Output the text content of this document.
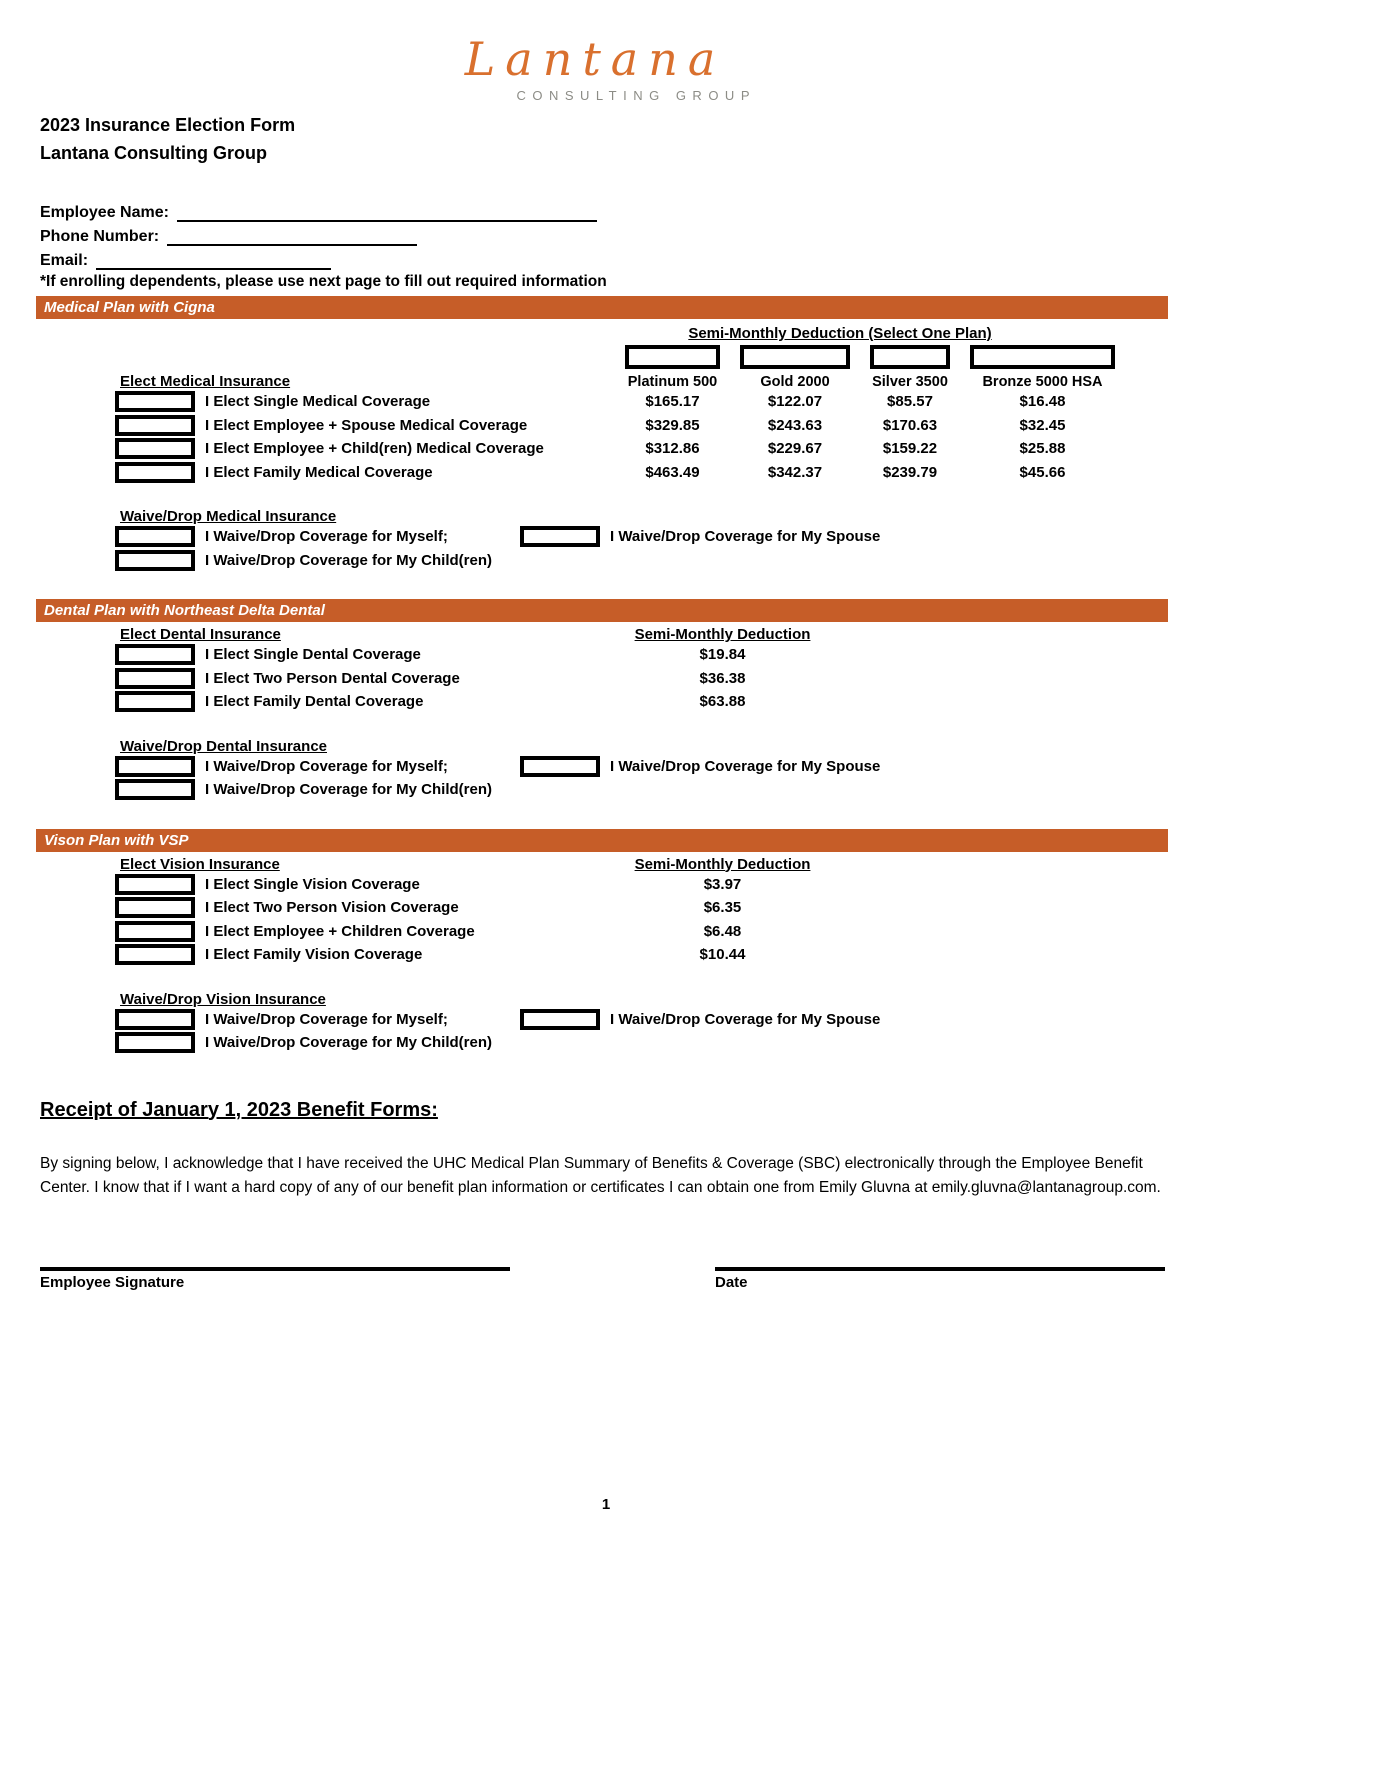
Lantana
CONSULTING GROUP
2023 Insurance Election Form
Lantana Consulting Group
Employee Name:
Phone Number:
Email:
*If enrolling dependents, please use next page to fill out required information
Medical Plan with Cigna
Semi-Monthly Deduction (Select One Plan)
Elect Medical Insurance	Platinum 500	Gold 2000	Silver 3500	Bronze 5000 HSA
I Elect Single Medical Coverage	$165.17	$122.07	$85.57	$16.48
I Elect Employee + Spouse Medical Coverage	$329.85	$243.63	$170.63	$32.45
I Elect Employee + Child(ren) Medical Coverage	$312.86	$229.67	$159.22	$25.88
I Elect Family Medical Coverage	$463.49	$342.37	$239.79	$45.66
Waive/Drop Medical Insurance
I Waive/Drop Coverage for Myself;	I Waive/Drop Coverage for My Spouse
I Waive/Drop Coverage for My Child(ren)
Dental Plan with Northeast Delta Dental
Elect Dental Insurance	Semi-Monthly Deduction
I Elect Single Dental Coverage	$19.84
I Elect Two Person Dental Coverage	$36.38
I Elect Family Dental Coverage	$63.88
Waive/Drop Dental Insurance
I Waive/Drop Coverage for Myself;	I Waive/Drop Coverage for My Spouse
I Waive/Drop Coverage for My Child(ren)
Vison Plan with VSP
Elect Vision Insurance	Semi-Monthly Deduction
I Elect Single Vision Coverage	$3.97
I Elect Two Person Vision Coverage	$6.35
I Elect Employee + Children Coverage	$6.48
I Elect Family Vision Coverage	$10.44
Waive/Drop Vision Insurance
I Waive/Drop Coverage for Myself;	I Waive/Drop Coverage for My Spouse
I Waive/Drop Coverage for My Child(ren)
Receipt of January 1, 2023 Benefit Forms:
By signing below, I acknowledge that I have received the UHC Medical Plan Summary of Benefits & Coverage (SBC) electronically through the Employee Benefit Center. I know that if I want a hard copy of any of our benefit plan information or certificates I can obtain one from Emily Gluvna at emily.gluvna@lantanagroup.com.
Employee Signature	Date
1
